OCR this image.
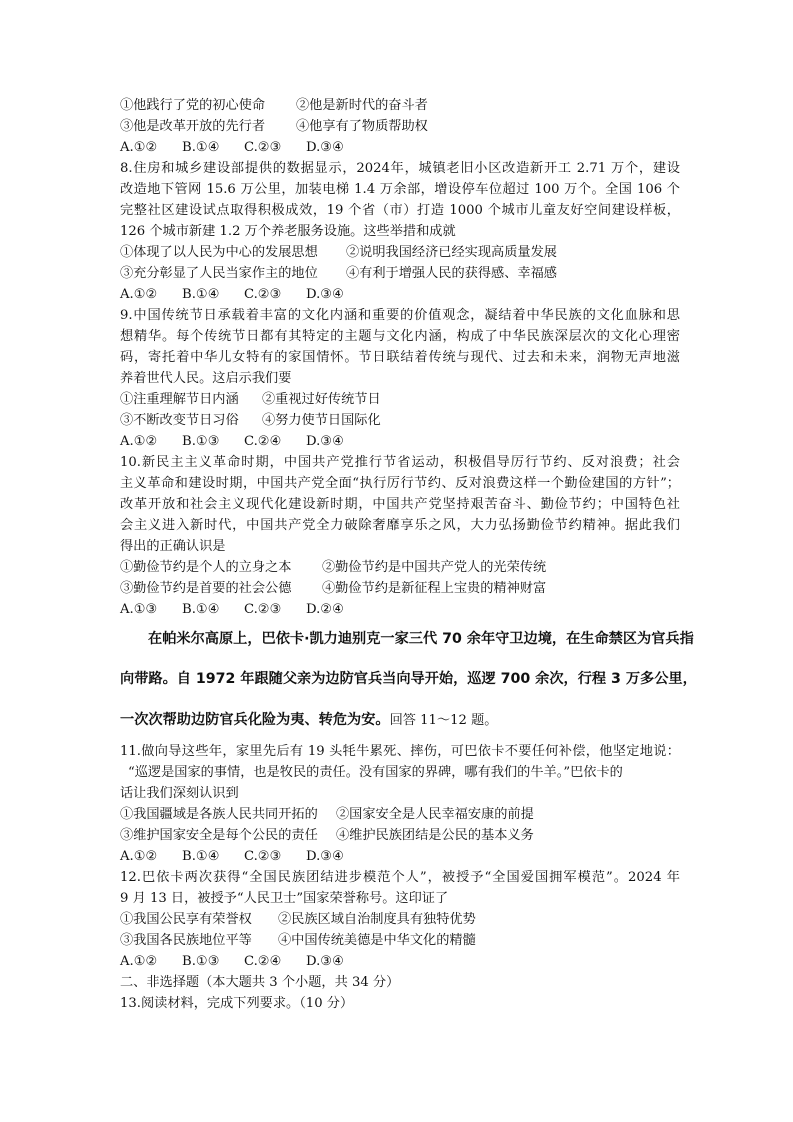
①他践行了党的初心使命 ②他是新时代的奋斗者
③他是改革开放的先行者 ④他享有了物质帮助权
A.①② B.①④ C.②③ D.③④
8.住房和城乡建设部提供的数据显示，2024年，城镇老旧小区改造新开工 2.71 万个，建设
改造地下管网 15.6 万公里，加装电梯 1.4 万余部，增设停车位超过 100 万个。全国 106 个
完整社区建设试点取得积极成效，19 个省（市）打造 1000 个城市儿童友好空间建设样板，
126 个城市新建 1.2 万个养老服务设施。这些举措和成就
①体现了以人民为中心的发展思想 ②说明我国经济已经实现高质量发展
③充分彰显了人民当家作主的地位 ④有利于增强人民的获得感、幸福感
A.①② B.①④ C.②③ D.③④
9.中国传统节日承载着丰富的文化内涵和重要的价值观念，凝结着中华民族的文化血脉和思
想精华。每个传统节日都有其特定的主题与文化内涵，构成了中华民族深层次的文化心理密
码，寄托着中华儿女特有的家国情怀。节日联结着传统与现代、过去和未来，润物无声地滋
养着世代人民。这启示我们要
①注重理解节日内涵 ②重视过好传统节日
③不断改变节日习俗 ④努力使节日国际化
A.①② B.①③ C.②④ D.③④
10.新民主主义革命时期，中国共产党推行节省运动，积极倡导厉行节约、反对浪费；社会
主义革命和建设时期，中国共产党全面“执行厉行节约、反对浪费这样一个勤俭建国的方针”；
改革开放和社会主义现代化建设新时期，中国共产党坚持艰苦奋斗、勤俭节约；中国特色社
会主义进入新时代，中国共产党全力破除奢靡享乐之风，大力弘扬勤俭节约精神。据此我们
得出的正确认识是
①勤俭节约是个人的立身之本 ②勤俭节约是中国共产党人的光荣传统
③勤俭节约是首要的社会公德 ④勤俭节约是新征程上宝贵的精神财富
A.①③ B.①④ C.②③ D.②④
在帕米尔高原上，巴依卡·凯力迪别克一家三代 70 余年守卫边境，在生命禁区为官兵指
向带路。自 1972 年跟随父亲为边防官兵当向导开始，巡逻 700 余次，行程 3 万多公里，
一次次帮助边防官兵化险为夷、转危为安。回答 11～12 题。
11.做向导这些年，家里先后有 19 头牦牛累死、摔伤，可巴依卡不要任何补偿，他坚定地说：
“巡逻是国家的事情，也是牧民的责任。没有国家的界碑，哪有我们的牛羊。”巴依卡的
话让我们深刻认识到
①我国疆域是各族人民共同开拓的 ②国家安全是人民幸福安康的前提
③维护国家安全是每个公民的责任 ④维护民族团结是公民的基本义务
A.①② B.①④ C.②③ D.③④
12.巴依卡两次获得“全国民族团结进步模范个人”，被授予“全国爱国拥军模范”。2024 年
9 月 13 日，被授予“人民卫士”国家荣誉称号。这印证了
①我国公民享有荣誉权 ②民族区域自治制度具有独特优势
③我国各民族地位平等 ④中国传统美德是中华文化的精髓
A.①② B.①③ C.②④ D.③④
二、非选择题（本大题共 3 个小题，共 34 分）
13.阅读材料，完成下列要求。（10 分）
